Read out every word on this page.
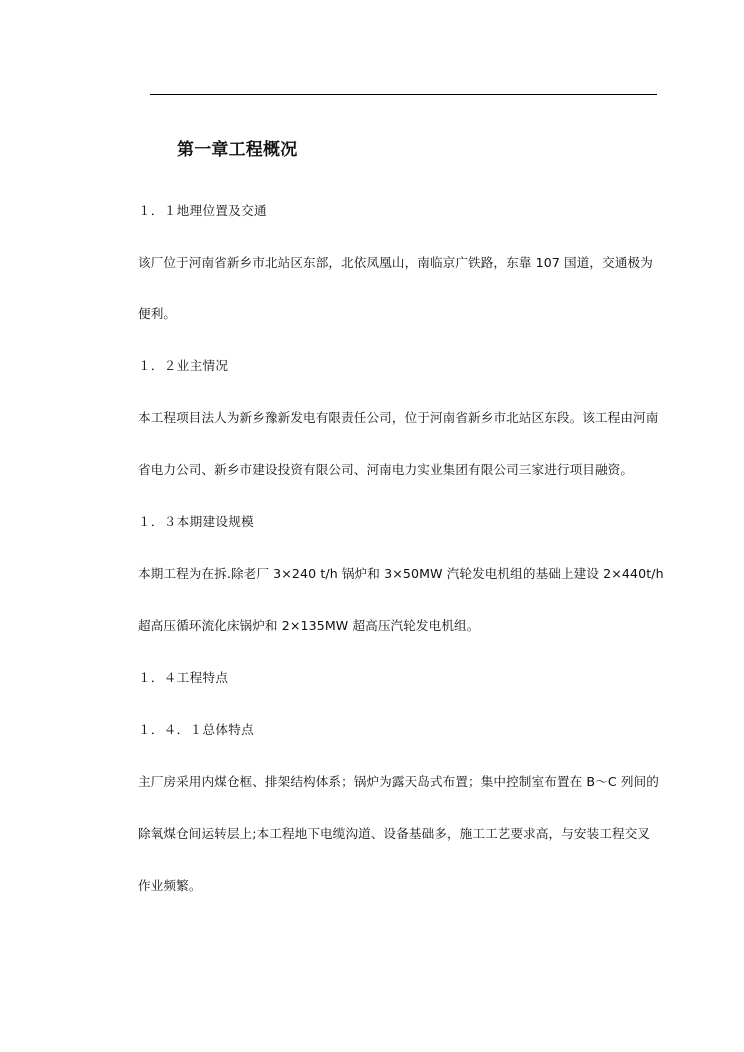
第一章工程概况
１．１地理位置及交通
该厂位于河南省新乡市北站区东部，北依凤凰山，南临京广铁路，东靠 107 国道，交通极为
便利。
１．２业主情况
本工程项目法人为新乡豫新发电有限责任公司，位于河南省新乡市北站区东段。该工程由河南
省电力公司、新乡市建设投资有限公司、河南电力实业集团有限公司三家进行项目融资。
１．３本期建设规模
本期工程为在拆.除老厂 3×240 t/h 锅炉和 3×50MW 汽轮发电机组的基础上建设 2×440t/h
超高压循环流化床锅炉和 2×135MW 超高压汽轮发电机组。
１．４工程特点
１．４．１总体特点
主厂房采用内煤仓框、排架结构体系；锅炉为露天岛式布置；集中控制室布置在 B～C 列间的
除氧煤仓间运转层上;本工程地下电缆沟道、设备基础多，施工工艺要求高，与安装工程交叉
作业频繁。
